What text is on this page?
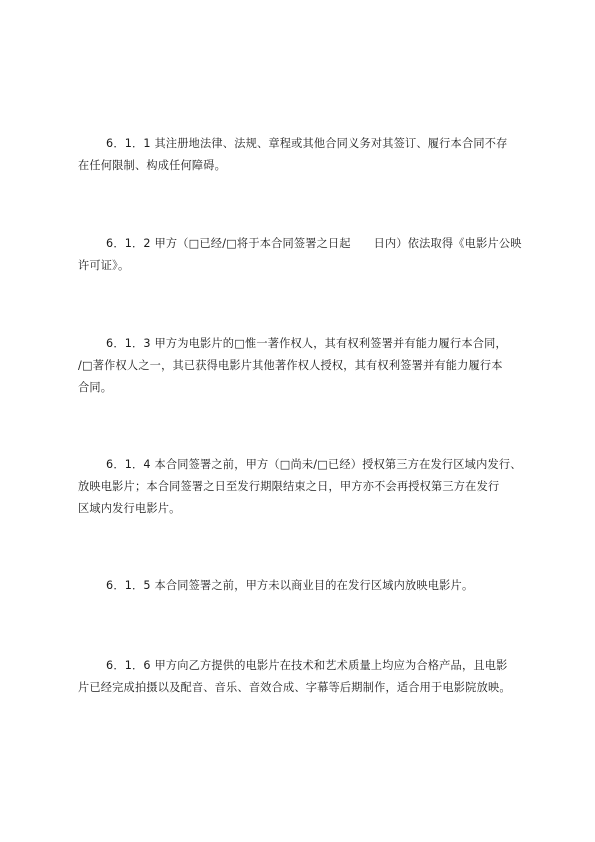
6．1．1 其注册地法律、法规、章程或其他合同义务对其签订、履行本合同不存
在任何限制、构成任何障碍。
6．1．2 甲方（□已经/□将于本合同签署之日起　　日内）依法取得《电影片公映
许可证》。
6．1．3 甲方为电影片的□惟一著作权人，其有权利签署并有能力履行本合同，
/□著作权人之一，其已获得电影片其他著作权人授权，其有权利签署并有能力履行本
合同。
6．1．4 本合同签署之前，甲方（□尚未/□已经）授权第三方在发行区域内发行、
放映电影片；本合同签署之日至发行期限结束之日，甲方亦不会再授权第三方在发行
区域内发行电影片。
6．1．5 本合同签署之前，甲方未以商业目的在发行区域内放映电影片。
6．1．6 甲方向乙方提供的电影片在技术和艺术质量上均应为合格产品，且电影
片已经完成拍摄以及配音、音乐、音效合成、字幕等后期制作，适合用于电影院放映。
